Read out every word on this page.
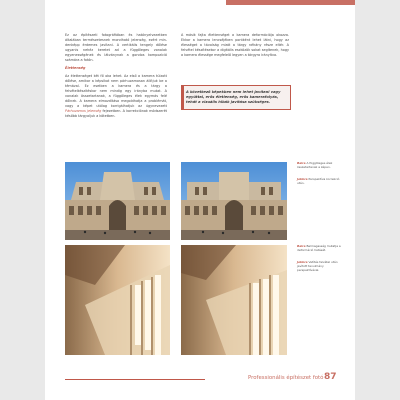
Ez az építészeti fotográfiában és hatónyelvezetben általában természetesnek mondható jelenség, ezért mindenképp érdemes javítani. A vertikális tengely dőlése ugyanis nehéz keretet ad a függőleges vonalak egyenességének és látványnak a gondos kompozíció számára a fotón.

Élettenség

Az élettenséget két fő oka lehet. Az első a kamera túlzott dőlése, amikor a képsíkot nem párhuzamosan állítjuk be a témával. Ez esetben a kamera és a tárgy a felvételkészítéskor nem mindig egy irányba mutat. A vonalak összetartanak, a függőleges élek egymás felé dőlnek. A kamera elmozdítása megoldhatja a problémát, vagy a képet utólag korrigálhatjuk az úgynevezett Párhuzamos jelenség fejezetben. A korrekciónak módszerét később tárgyaljuk a kötetben.

A másik fajta élettenséget a kamera deformációja okozza. Ekkor a kamera lencséjében pontként lehet látni, hogy az élességet a távolság miatt a tárgy néhány része eltér. A felvétel készítésekor a digitális eszközök sokat segítenek, hogy a kamera élessége megfelelő legyen a tárgyra irányítva.

A következő képekben nem lehet javítani vagy együttal, erős életlenség, erős kamerafolyás, tehát a vizuális hibák javítása szükséges.
Balra A függőleges élek összetartanak a képen.
Jobbra Perspektíva korrekció után.
Balra Belmagasság mutatja a deformáció hatását.
Jobbra Vetítés felvétel után javított tanulmány perspektívával.
Professionális építészet fotó 87
